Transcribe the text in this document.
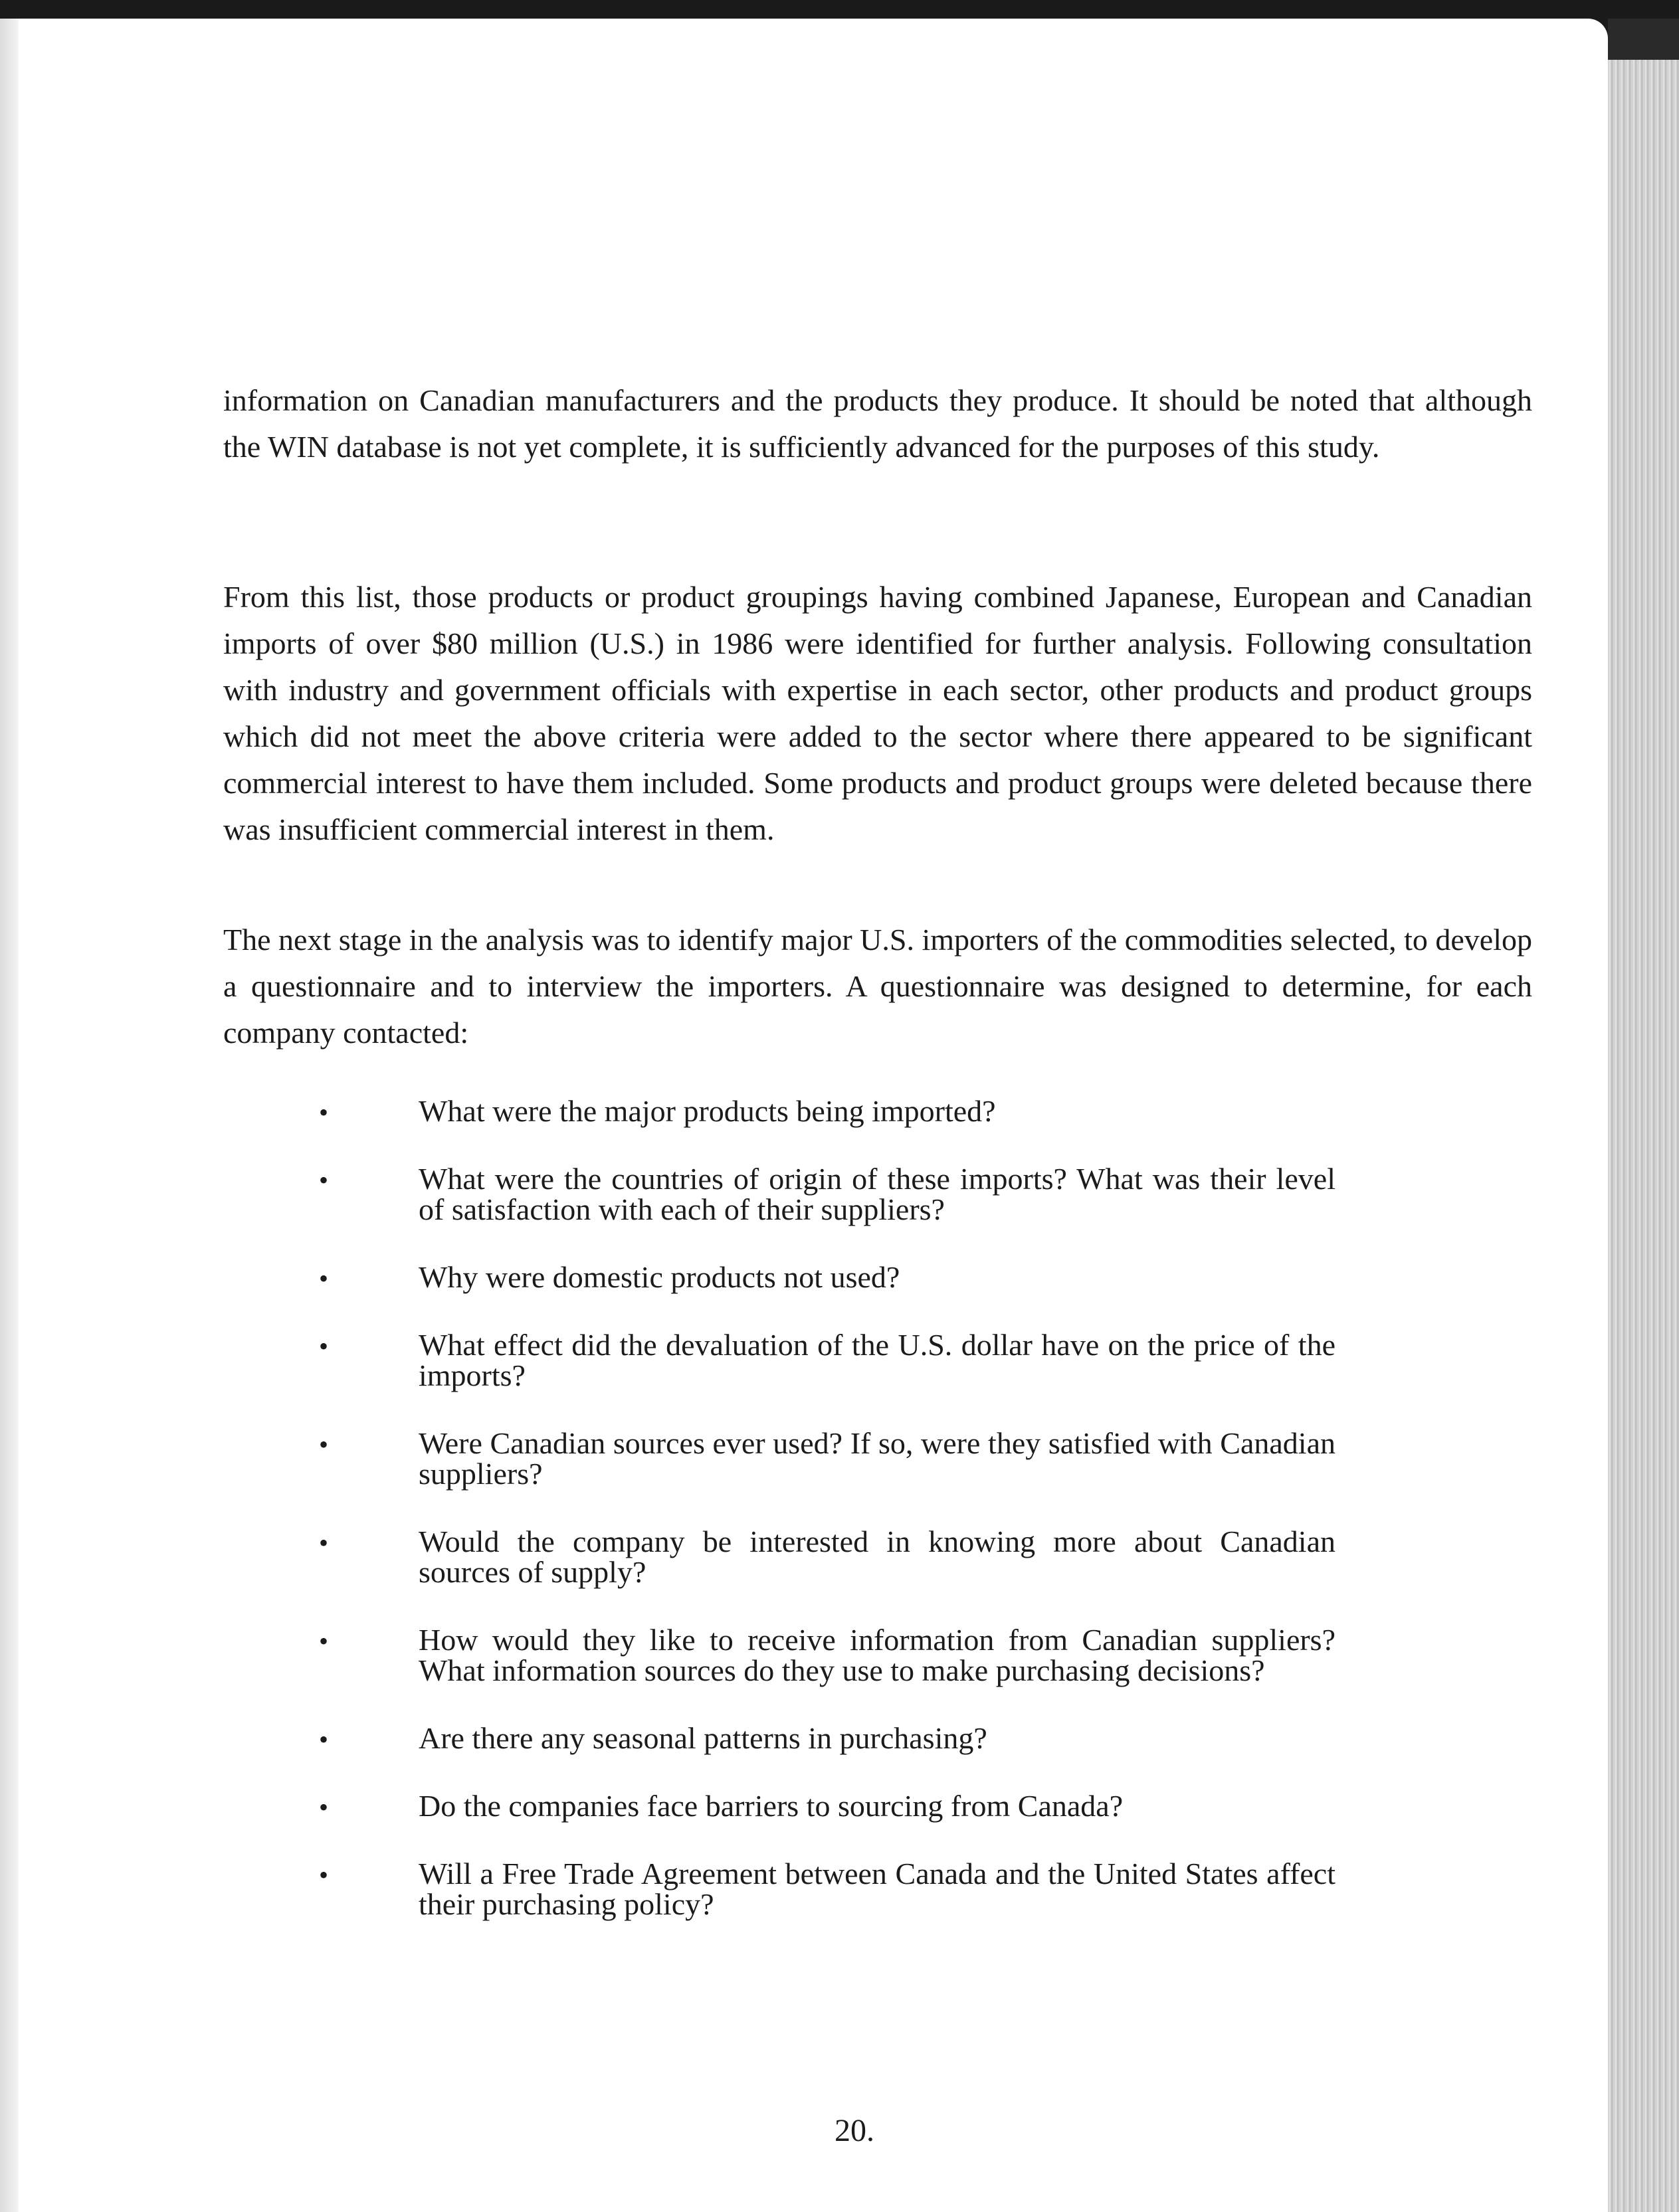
information on Canadian manufacturers and the products they produce. It should be noted that although the WIN database is not yet complete, it is sufficiently advanced for the purposes of this study.

From this list, those products or product groupings having combined Japanese, European and Canadian imports of over $80 million (U.S.) in 1986 were identified for further analysis. Following consultation with industry and government officials with expertise in each sector, other products and product groups which did not meet the above criteria were added to the sector where there appeared to be significant commercial interest to have them included. Some products and product groups were deleted because there was insufficient commercial interest in them.

The next stage in the analysis was to identify major U.S. importers of the commodities selected, to develop a questionnaire and to interview the importers. A questionnaire was designed to determine, for each company contacted:

•	What were the major products being imported?
•	What were the countries of origin of these imports? What was their level of satisfaction with each of their suppliers?
•	Why were domestic products not used?
•	What effect did the devaluation of the U.S. dollar have on the price of the imports?
•	Were Canadian sources ever used? If so, were they satisfied with Canadian suppliers?
•	Would the company be interested in knowing more about Canadian sources of supply?
•	How would they like to receive information from Canadian suppliers? What information sources do they use to make purchasing decisions?
•	Are there any seasonal patterns in purchasing?
•	Do the companies face barriers to sourcing from Canada?
•	Will a Free Trade Agreement between Canada and the United States affect their purchasing policy?
20.
